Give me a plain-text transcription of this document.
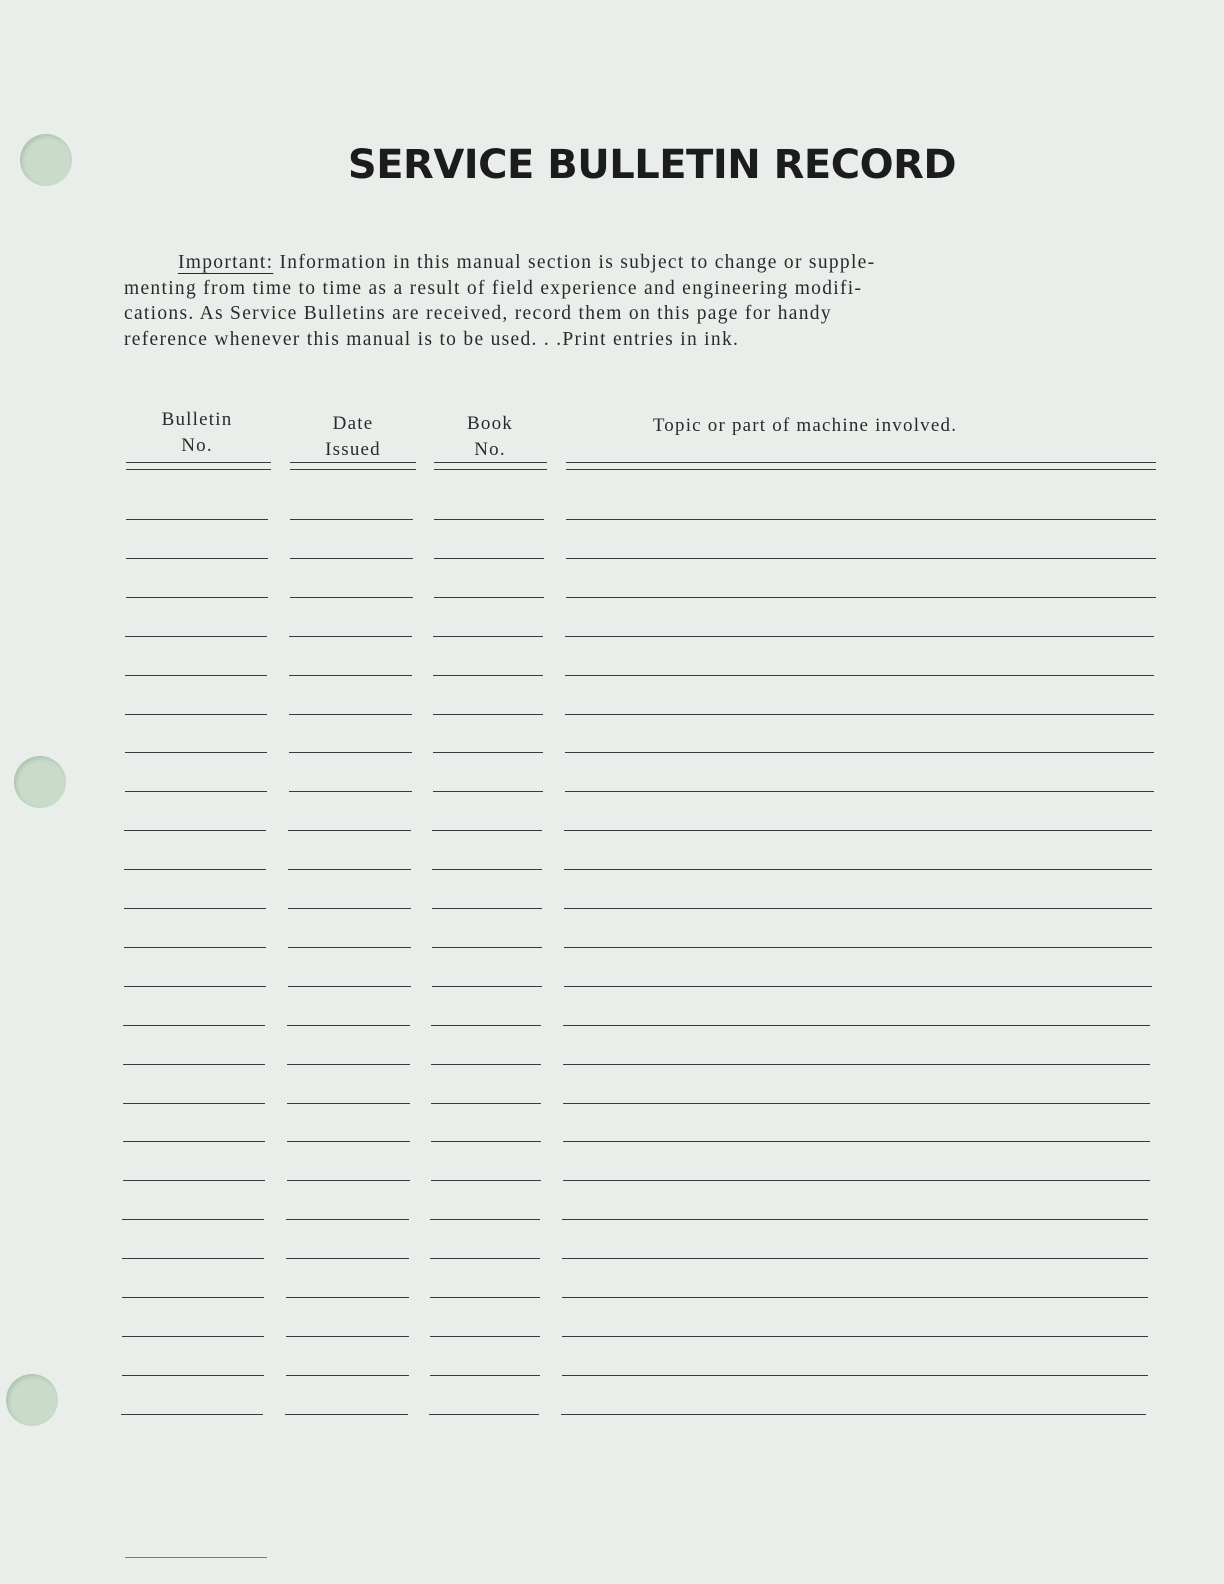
SERVICE BULLETIN RECORD
Important: Information in this manual section is subject to change or supple-
menting from time to time as a result of field experience and engineering modifi-
cations. As Service Bulletins are received, record them on this page for handy
reference whenever this manual is to be used. . .Print entries in ink.
Bulletin
No.
Date
Issued
Book
No.
Topic or part of machine involved.
